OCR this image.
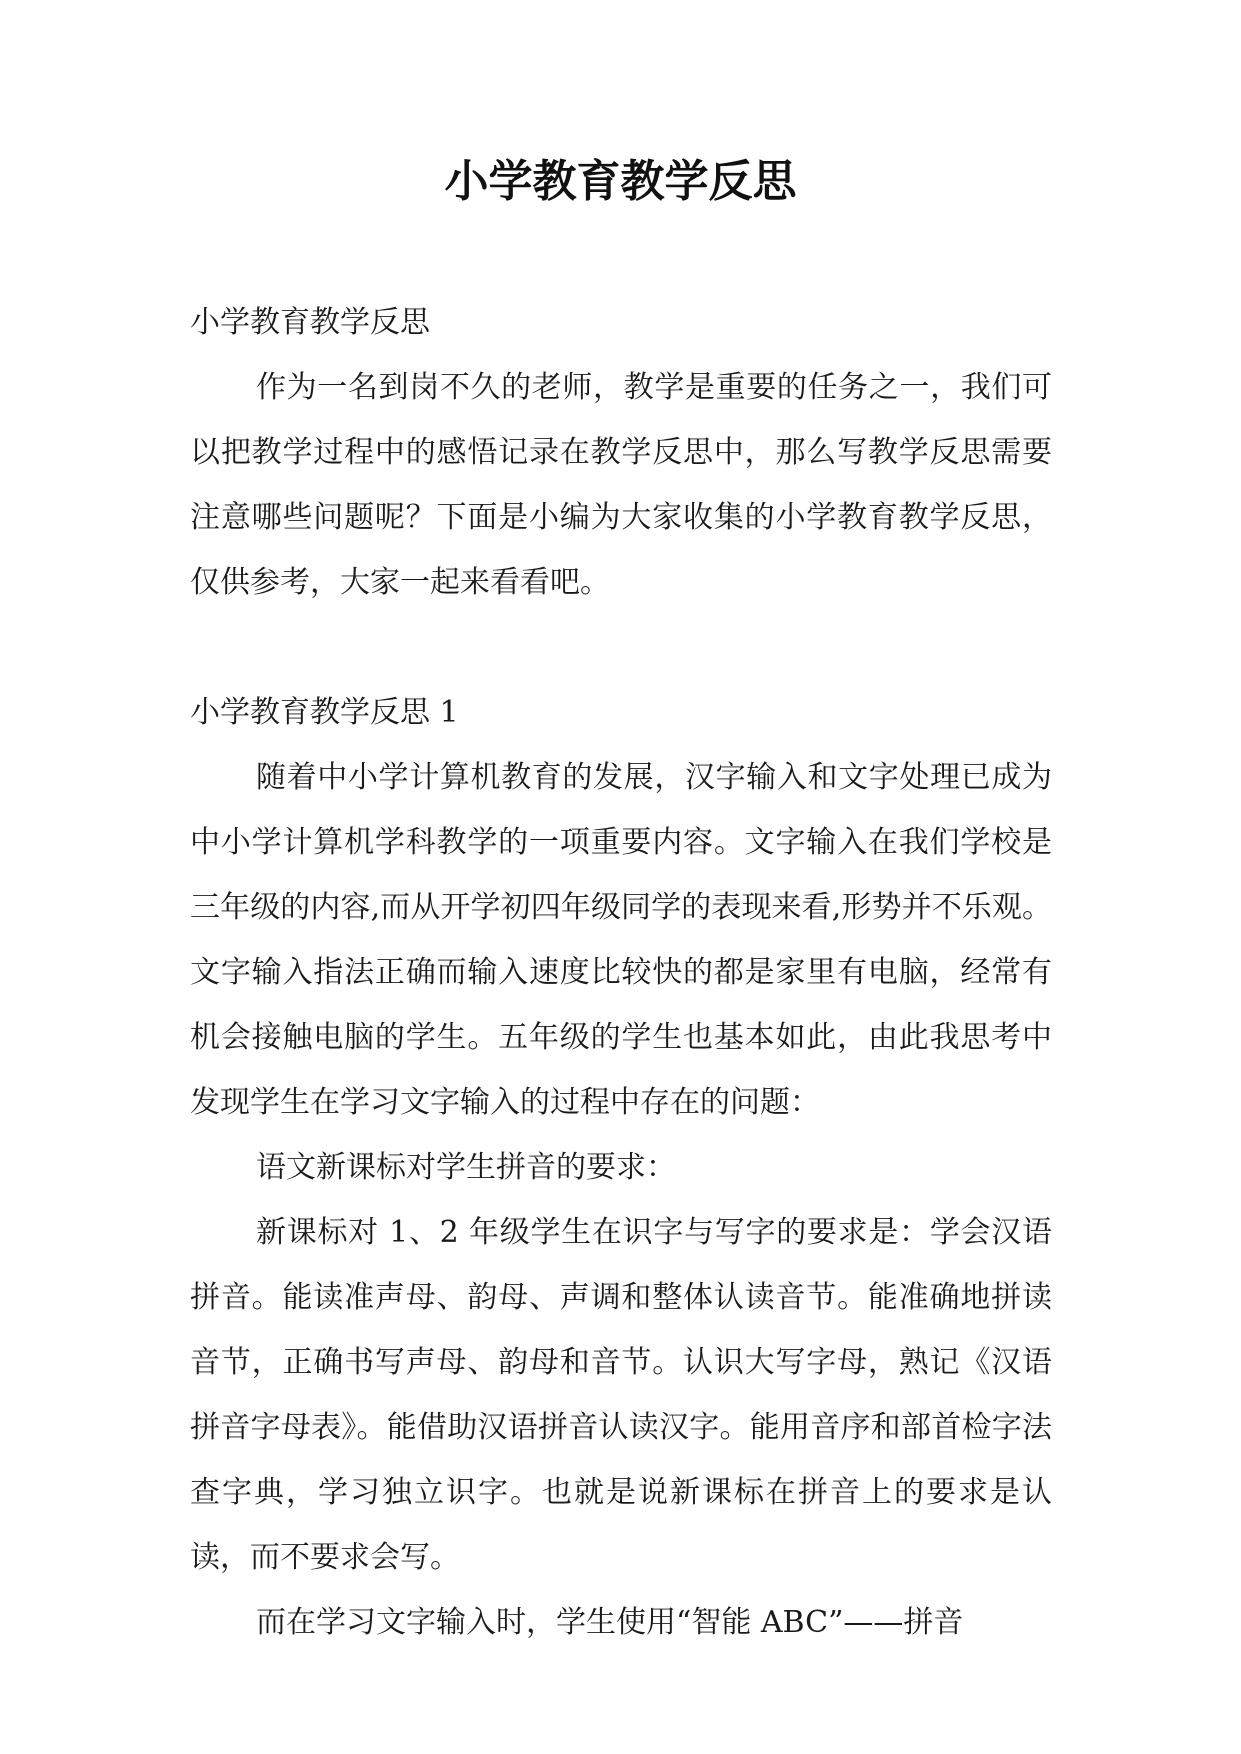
小学教育教学反思

小学教育教学反思

作为一名到岗不久的老师，教学是重要的任务之一，我们可以把教学过程中的感悟记录在教学反思中，那么写教学反思需要注意哪些问题呢？下面是小编为大家收集的小学教育教学反思，仅供参考，大家一起来看看吧。

小学教育教学反思 1

随着中小学计算机教育的发展，汉字输入和文字处理已成为中小学计算机学科教学的一项重要内容。文字输入在我们学校是三年级的内容,而从开学初四年级同学的表现来看,形势并不乐观。文字输入指法正确而输入速度比较快的都是家里有电脑，经常有机会接触电脑的学生。五年级的学生也基本如此，由此我思考中发现学生在学习文字输入的过程中存在的问题：

语文新课标对学生拼音的要求：

新课标对 1、2 年级学生在识字与写字的要求是：学会汉语拼音。能读准声母、韵母、声调和整体认读音节。能准确地拼读音节，正确书写声母、韵母和音节。认识大写字母，熟记《汉语拼音字母表》。能借助汉语拼音认读汉字。能用音序和部首检字法查字典，学习独立识字。也就是说新课标在拼音上的要求是认读，而不要求会写。

而在学习文字输入时，学生使用“智能 ABC”——拼音
